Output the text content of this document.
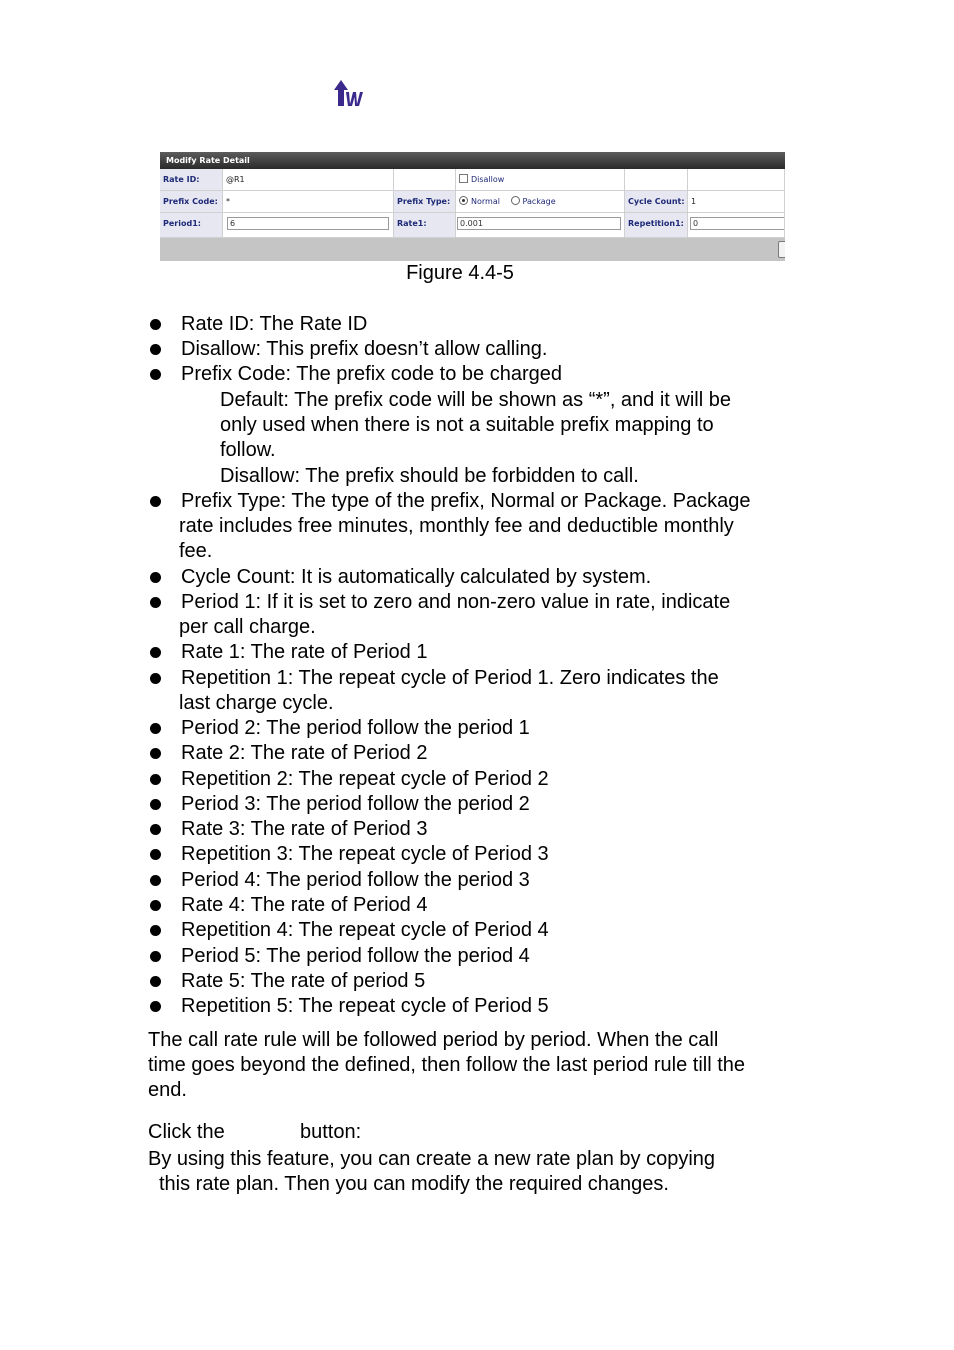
Modify Rate Detail
Rate ID:	@R1	Disallow
Prefix Code:	*	Prefix Type:	Normal	Package	Cycle Count: 1
Period1:	6	Rate1:	0.001	Repetition1:	0
Figure 4.4-5
Rate ID: The Rate ID
Disallow: This prefix doesn’t allow calling.
Prefix Code: The prefix code to be charged
Default: The prefix code will be shown as “*”, and it will be
only used when there is not a suitable prefix mapping to
follow.
Disallow: The prefix should be forbidden to call.
Prefix Type: The type of the prefix, Normal or Package. Package
rate includes free minutes, monthly fee and deductible monthly
fee.
Cycle Count: It is automatically calculated by system.
Period 1: If it is set to zero and non-zero value in rate, indicate
per call charge.
Rate 1: The rate of Period 1
Repetition 1: The repeat cycle of Period 1. Zero indicates the
last charge cycle.
Period 2: The period follow the period 1
Rate 2: The rate of Period 2
Repetition 2: The repeat cycle of Period 2
Period 3: The period follow the period 2
Rate 3: The rate of Period 3
Repetition 3: The repeat cycle of Period 3
Period 4: The period follow the period 3
Rate 4: The rate of Period 4
Repetition 4: The repeat cycle of Period 4
Period 5: The period follow the period 4
Rate 5: The rate of period 5
Repetition 5: The repeat cycle of Period 5
The call rate rule will be followed period by period. When the call
time goes beyond the defined, then follow the last period rule till the
end.
Click the	button:
By using this feature, you can create a new rate plan by copying
this rate plan. Then you can modify the required changes.
